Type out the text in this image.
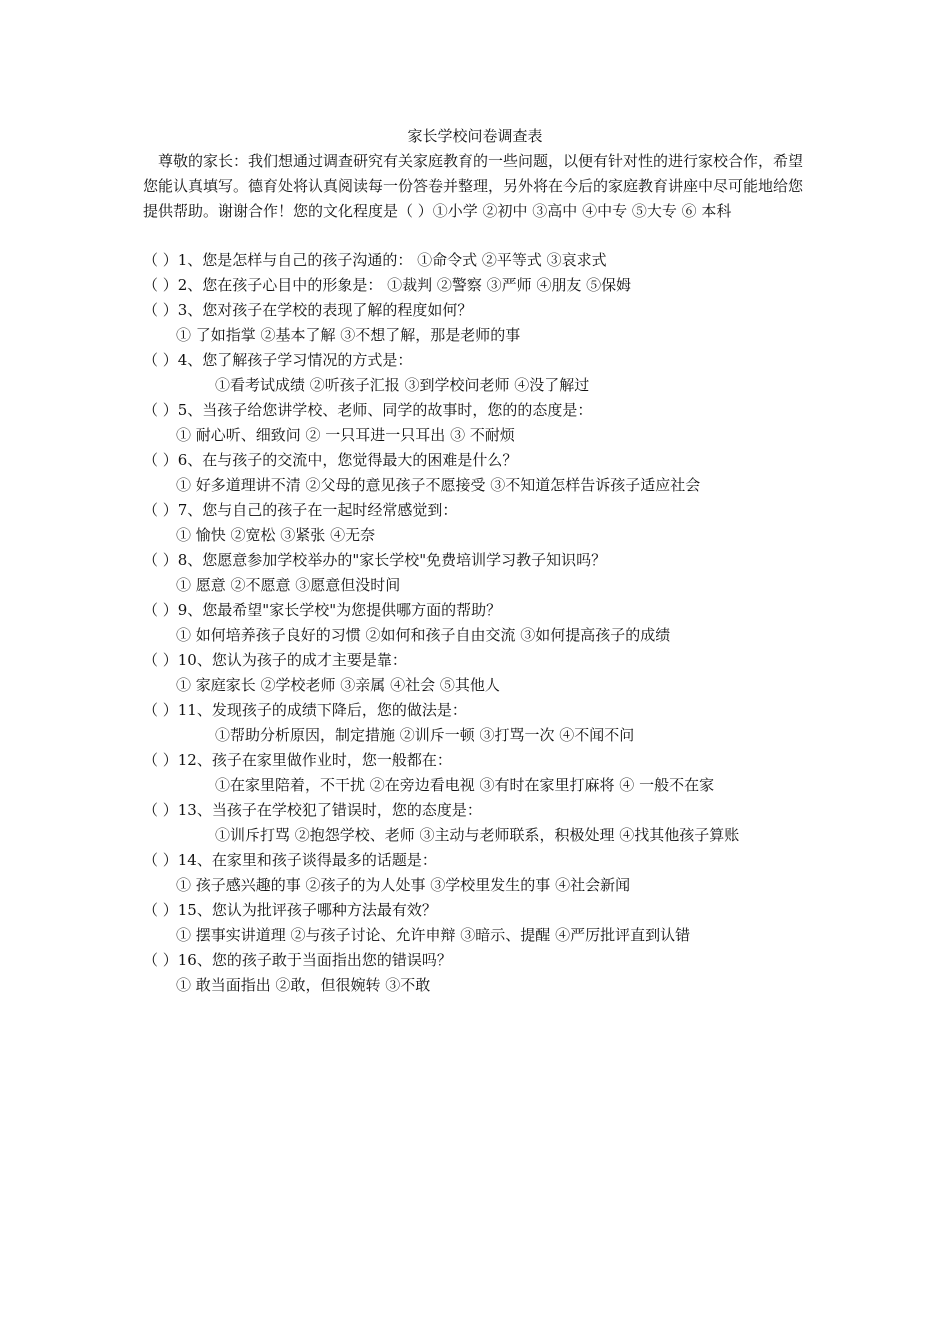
家长学校问卷调查表
尊敬的家长：我们想通过调查研究有关家庭教育的一些问题，以便有针对性的进行家校合作，希望您能认真填写。德育处将认真阅读每一份答卷并整理，另外将在今后的家庭教育讲座中尽可能地给您提供帮助。谢谢合作！您的文化程度是（ ）①小学 ②初中 ③高中 ④中专 ⑤大专 ⑥ 本科
（ ）1、您是怎样与自己的孩子沟通的： ①命令式 ②平等式 ③哀求式
（ ）2、您在孩子心目中的形象是： ①裁判 ②警察 ③严师 ④朋友 ⑤保姆
（ ）3、您对孩子在学校的表现了解的程度如何？
① 了如指掌 ②基本了解 ③不想了解，那是老师的事
（ ）4、您了解孩子学习情况的方式是：
①看考试成绩 ②听孩子汇报 ③到学校问老师 ④没了解过
（ ）5、当孩子给您讲学校、老师、同学的故事时，您的的态度是：
① 耐心听、细致问 ② 一只耳进一只耳出 ③ 不耐烦
（ ）6、在与孩子的交流中，您觉得最大的困难是什么？
① 好多道理讲不清 ②父母的意见孩子不愿接受 ③不知道怎样告诉孩子适应社会
（ ）7、您与自己的孩子在一起时经常感觉到：
① 愉快 ②宽松 ③紧张 ④无奈
（ ）8、您愿意参加学校举办的"家长学校"免费培训学习教子知识吗？
① 愿意 ②不愿意 ③愿意但没时间
（ ）9、您最希望"家长学校"为您提供哪方面的帮助？
① 如何培养孩子良好的习惯 ②如何和孩子自由交流 ③如何提高孩子的成绩
（ ）10、您认为孩子的成才主要是靠：
① 家庭家长 ②学校老师 ③亲属 ④社会 ⑤其他人
（ ）11、发现孩子的成绩下降后，您的做法是：
①帮助分析原因，制定措施 ②训斥一顿 ③打骂一次 ④不闻不问
（ ）12、孩子在家里做作业时，您一般都在：
①在家里陪着，不干扰 ②在旁边看电视 ③有时在家里打麻将 ④ 一般不在家
（ ）13、当孩子在学校犯了错误时，您的态度是：
①训斥打骂 ②抱怨学校、老师 ③主动与老师联系，积极处理 ④找其他孩子算账
（ ）14、在家里和孩子谈得最多的话题是：
① 孩子感兴趣的事 ②孩子的为人处事 ③学校里发生的事 ④社会新闻
（ ）15、您认为批评孩子哪种方法最有效？
① 摆事实讲道理 ②与孩子讨论、允许申辩 ③暗示、提醒 ④严厉批评直到认错
（ ）16、您的孩子敢于当面指出您的错误吗？
① 敢当面指出 ②敢，但很婉转 ③不敢
